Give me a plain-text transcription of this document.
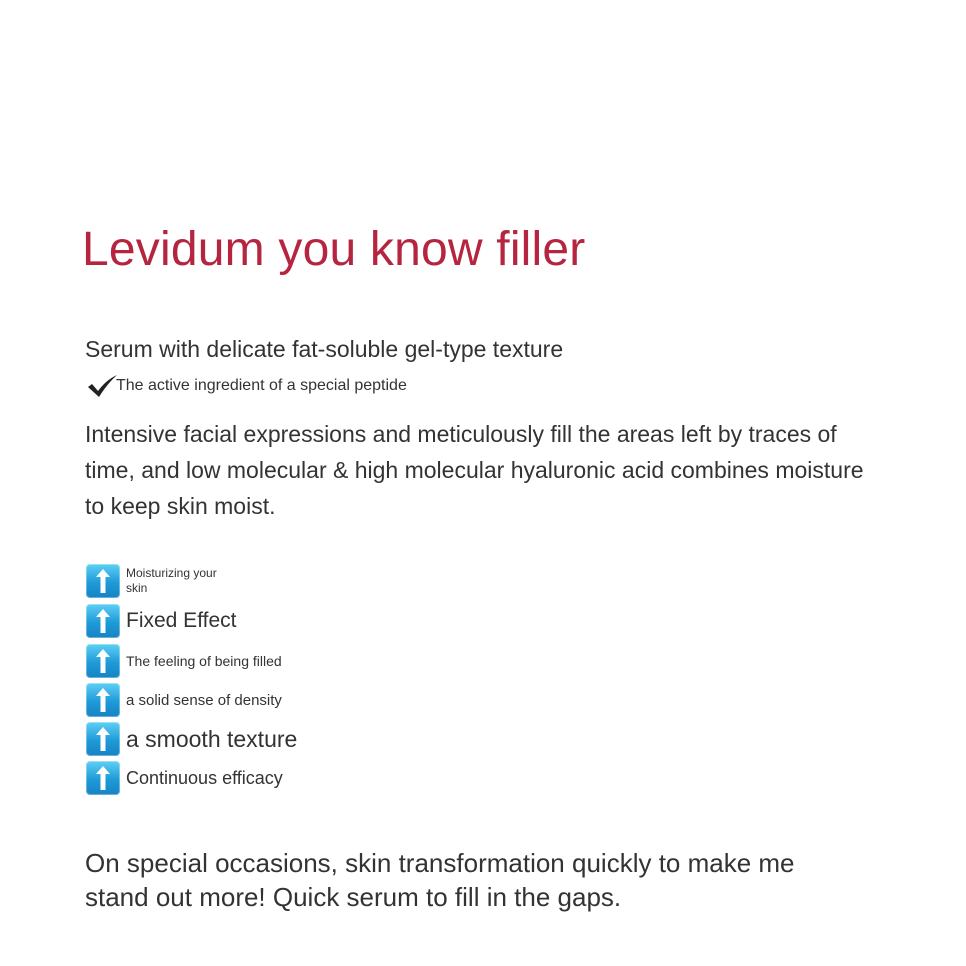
Levidum you know filler
Serum with delicate fat-soluble gel-type texture
The active ingredient of a special peptide

Intensive facial expressions and meticulously fill the areas left by traces of time, and low molecular & high molecular hyaluronic acid combines moisture to keep skin moist.

Moisturizing your skin
Fixed Effect
The feeling of being filled
a solid sense of density
a smooth texture
Continuous efficacy

On special occasions, skin transformation quickly to make me stand out more! Quick serum to fill in the gaps.
